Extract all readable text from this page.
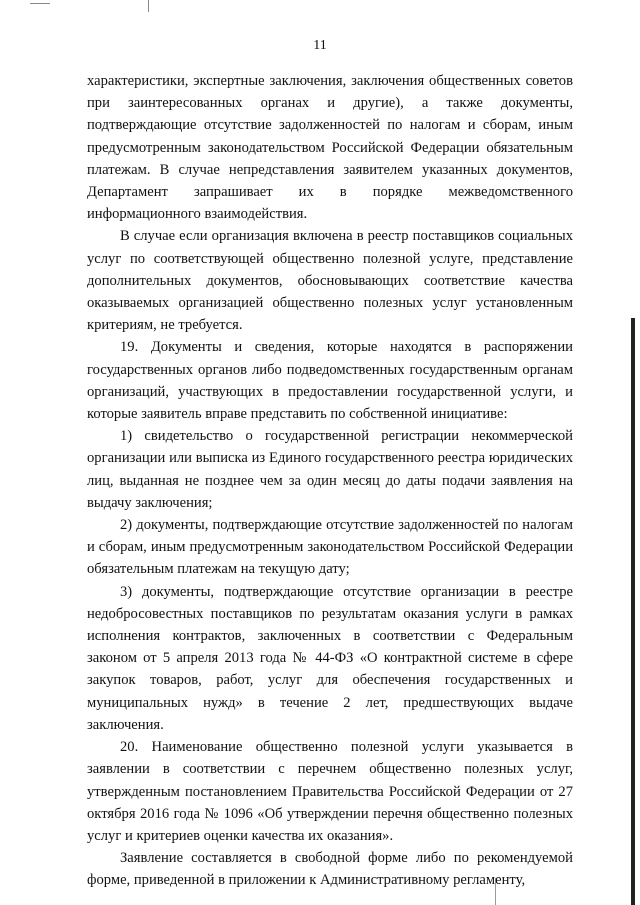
11

характеристики, экспертные заключения, заключения общественных советов при заинтересованных органах и другие), а также документы, подтверждающие отсутствие задолженностей по налогам и сборам, иным предусмотренным законодательством Российской Федерации обязательным платежам. В случае непредставления заявителем указанных документов, Департамент запрашивает их в порядке межведомственного информационного взаимодействия.

В случае если организация включена в реестр поставщиков социальных услуг по соответствующей общественно полезной услуге, представление дополнительных документов, обосновывающих соответствие качества оказываемых организацией общественно полезных услуг установленным критериям, не требуется.

19. Документы и сведения, которые находятся в распоряжении государственных органов либо подведомственных государственным органам организаций, участвующих в предоставлении государственной услуги, и которые заявитель вправе представить по собственной инициативе:

1) свидетельство о государственной регистрации некоммерческой организации или выписка из Единого государственного реестра юридических лиц, выданная не позднее чем за один месяц до даты подачи заявления на выдачу заключения;

2) документы, подтверждающие отсутствие задолженностей по налогам и сборам, иным предусмотренным законодательством Российской Федерации обязательным платежам на текущую дату;

3) документы, подтверждающие отсутствие организации в реестре недобросовестных поставщиков по результатам оказания услуги в рамках исполнения контрактов, заключенных в соответствии с Федеральным законом от 5 апреля 2013 года № 44-ФЗ «О контрактной системе в сфере закупок товаров, работ, услуг для обеспечения государственных и муниципальных нужд» в течение 2 лет, предшествующих выдаче заключения.

20. Наименование общественно полезной услуги указывается в заявлении в соответствии с перечнем общественно полезных услуг, утвержденным постановлением Правительства Российской Федерации от 27 октября 2016 года № 1096 «Об утверждении перечня общественно полезных услуг и критериев оценки качества их оказания».

Заявление составляется в свободной форме либо по рекомендуемой форме, приведенной в приложении к Административному регламенту,
